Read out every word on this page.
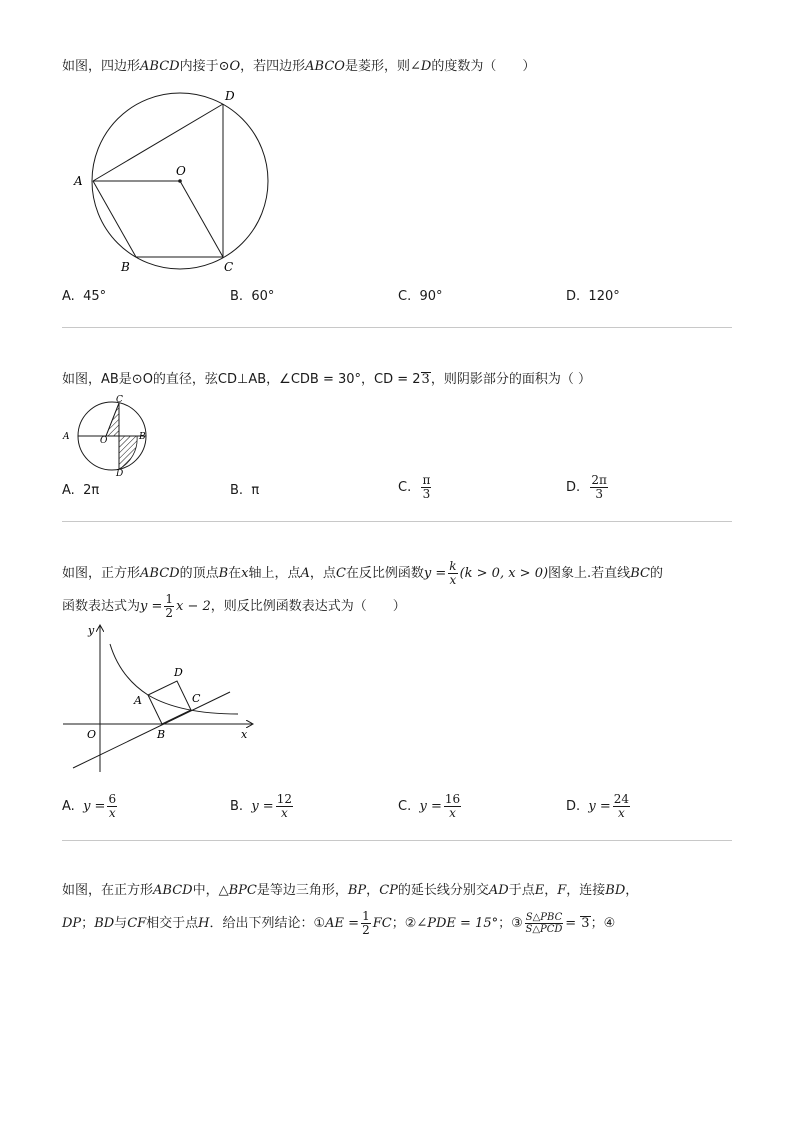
如图，四边形ABCD内接于⊙O，若四边形ABCO是菱形，则∠D的度数为（　　）
A
B	C
D
O
A. 45°	B. 60°	C. 90°	D. 120°
如图，AB是⊙O的直径，弦CD⊥AB，∠CDB = 30°，CD = 23，则阴影部分的面积为（ ）
A	B
C
D
O
A. 2π	B. π	C. $\frac{\pi}{3}$	D. $\frac{2\pi}{3}$
如图，正方形ABCD的顶点B在x轴上，点A，点C在反比例函数$y = \frac{k}{x} (k > 0$, x > 0)图象上.若直线BC的
函数表达式为$y = \frac{1}{2}$ x − 2，则反比例函数表达式为（　　）
y
x
O
A
B
C
D
A. $y = \frac{6}{x}$	B. $y = \frac{12}{x}$	C. $y = \frac{16}{x}$	D. $y = \frac{24}{x}$
如图，在正方形ABCD中，△BPC是等边三角形，BP，CP的延长线分别交AD于点E，F，连接BD，
DP；BD与CF相交于点H．给出下列结论：①AE = $\frac{1}{2}$ FC；②∠PDE = 15°；③ $\frac{\text{S△PBC}}{\text{S△PCD}} = 3$；④
